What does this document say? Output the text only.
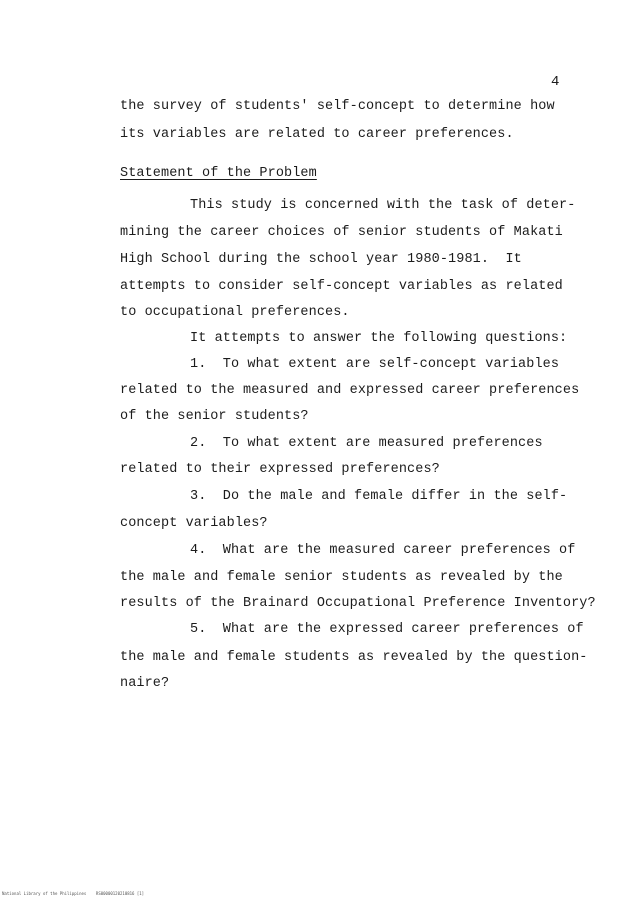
4
the survey of students' self-concept to determine how
its variables are related to career preferences.
Statement of the Problem
This study is concerned with the task of deter-
mining the career choices of senior students of Makati
High School during the school year 1980-1981.  It
attempts to consider self-concept variables as related
to occupational preferences.
It attempts to answer the following questions:
1.  To what extent are self-concept variables
related to the measured and expressed career preferences
of the senior students?
2.  To what extent are measured preferences
related to their expressed preferences?
3.  Do the male and female differ in the self-
concept variables?
4.  What are the measured career preferences of
the male and female senior students as revealed by the
results of the Brainard Occupational Preference Inventory?
5.  What are the expressed career preferences of
the male and female students as revealed by the question-
naire?
National Library of the Philippines    RS00000120210816 [1]
